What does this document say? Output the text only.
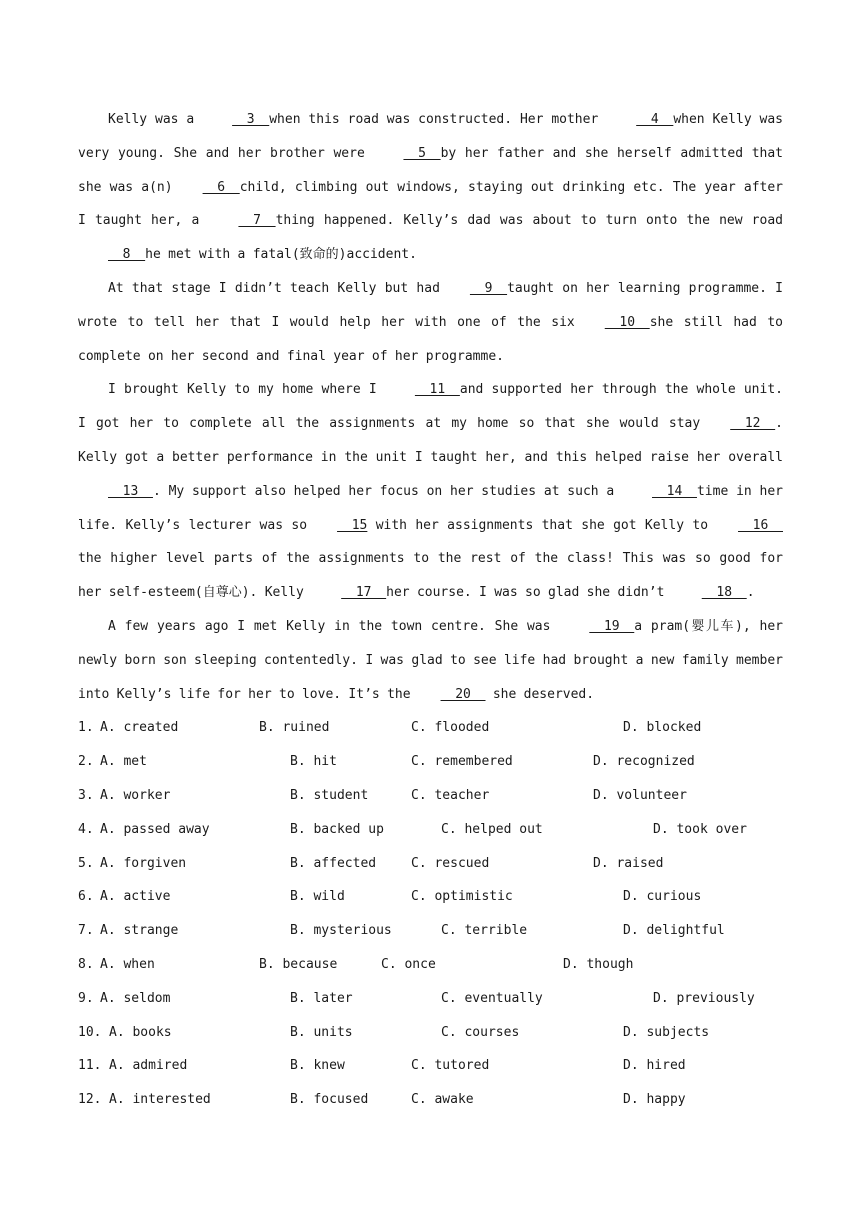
Kelly was a   3  when this road was constructed. Her mother   4  when Kelly was very young. She and her brother were   5  by her father and she herself admitted that she was a(n)  6  child, climbing out windows, staying out drinking etc. The year after I taught her, a   7  thing happened. Kelly’s dad was about to turn onto the new road   8  he met with a fatal(致命的)accident.

At that stage I didn’t teach Kelly but had  9  taught on her learning programme. I wrote to tell her that I would help her with one of the six  10  she still had to complete on her second and final year of her programme.

I brought Kelly to my home where I   11  and supported her through the whole unit. I got her to complete all the assignments at my home so that she would stay  12  . Kelly got a better performance in the unit I taught her, and this helped raise her overall  13  . My support also helped her focus on her studies at such a   14  time in her life. Kelly’s lecturer was so  15 with her assignments that she got Kelly to  16  the higher level parts of the assignments to the rest of the class! This was so good for her self-esteem(自尊心). Kelly   17  her course. I was so glad she didn’t   18  .

A few years ago I met Kelly in the town centre. She was   19  a pram(婴儿车), her newly born son sleeping contentedly. I was glad to see life had brought a new family member into Kelly’s life for her to love. It’s the  20   she deserved.

1. A. created	B. ruined	C. flooded	D. blocked
2. A. met	B. hit	C. remembered	D. recognized
3. A. worker	B. student	C. teacher	D. volunteer
4. A. passed away	B. backed up	C. helped out	D. took over
5. A. forgiven	B. affected	C. rescued	D. raised
6. A. active	B. wild	C. optimistic	D. curious
7. A. strange	B. mysterious	C. terrible	D. delightful
8. A. when	B. because	C. once	D. though
9. A. seldom	B. later	C. eventually	D. previously
10. A. books	B. units	C. courses	D. subjects
11. A. admired	B. knew	C. tutored	D. hired
12. A. interested	B. focused	C. awake	D. happy
